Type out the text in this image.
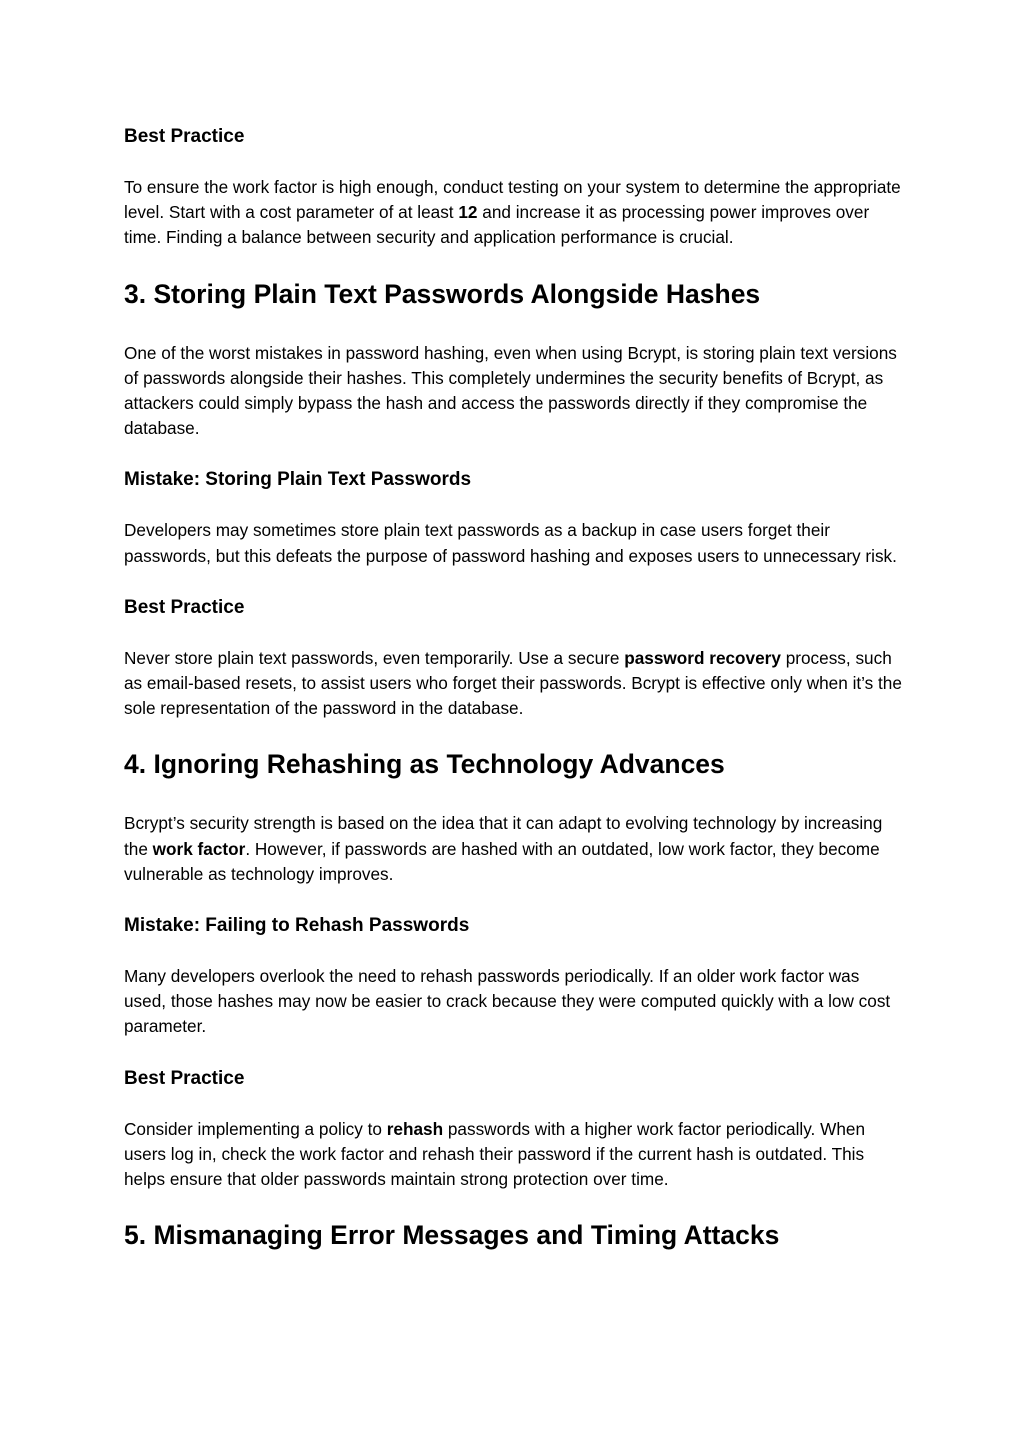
Best Practice
To ensure the work factor is high enough, conduct testing on your system to determine the appropriate level. Start with a cost parameter of at least 12 and increase it as processing power improves over time. Finding a balance between security and application performance is crucial.
3. Storing Plain Text Passwords Alongside Hashes
One of the worst mistakes in password hashing, even when using Bcrypt, is storing plain text versions of passwords alongside their hashes. This completely undermines the security benefits of Bcrypt, as attackers could simply bypass the hash and access the passwords directly if they compromise the database.
Mistake: Storing Plain Text Passwords
Developers may sometimes store plain text passwords as a backup in case users forget their passwords, but this defeats the purpose of password hashing and exposes users to unnecessary risk.
Best Practice
Never store plain text passwords, even temporarily. Use a secure password recovery process, such as email-based resets, to assist users who forget their passwords. Bcrypt is effective only when it’s the sole representation of the password in the database.
4. Ignoring Rehashing as Technology Advances
Bcrypt’s security strength is based on the idea that it can adapt to evolving technology by increasing the work factor. However, if passwords are hashed with an outdated, low work factor, they become vulnerable as technology improves.
Mistake: Failing to Rehash Passwords
Many developers overlook the need to rehash passwords periodically. If an older work factor was used, those hashes may now be easier to crack because they were computed quickly with a low cost parameter.
Best Practice
Consider implementing a policy to rehash passwords with a higher work factor periodically. When users log in, check the work factor and rehash their password if the current hash is outdated. This helps ensure that older passwords maintain strong protection over time.
5. Mismanaging Error Messages and Timing Attacks
